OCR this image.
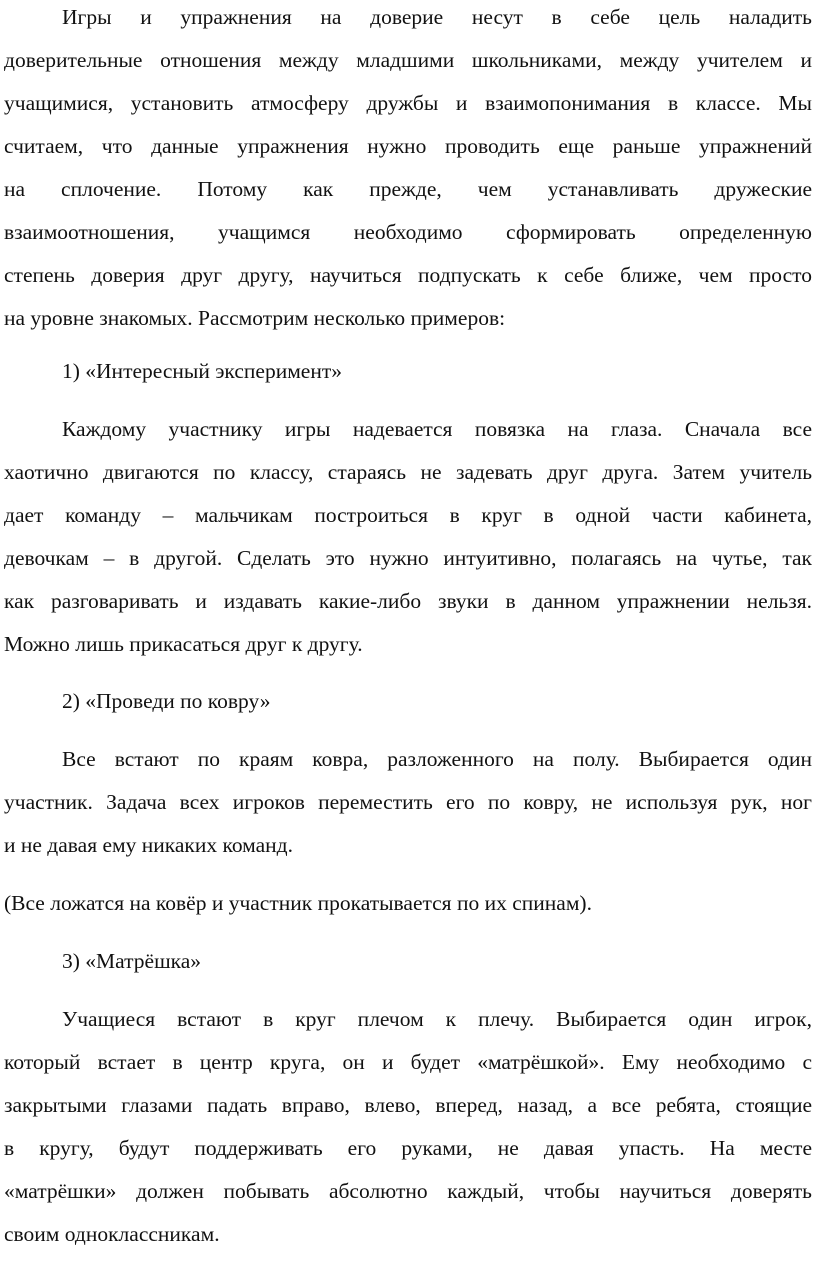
Игры и упражнения на доверие несут в себе цель наладить
доверительные отношения между младшими школьниками, между учителем и
учащимися, установить атмосферу дружбы и взаимопонимания в классе. Мы
считаем, что данные упражнения нужно проводить еще раньше упражнений
на сплочение. Потому как прежде, чем устанавливать дружеские
взаимоотношения, учащимся необходимо сформировать определенную
степень доверия друг другу, научиться подпускать к себе ближе, чем просто
на уровне знакомых. Рассмотрим несколько примеров:
1) «Интересный эксперимент»
Каждому участнику игры надевается повязка на глаза. Сначала все
хаотично двигаются по классу, стараясь не задевать друг друга. Затем учитель
дает команду – мальчикам построиться в круг в одной части кабинета,
девочкам – в другой. Сделать это нужно интуитивно, полагаясь на чутье, так
как разговаривать и издавать какие-либо звуки в данном упражнении нельзя.
Можно лишь прикасаться друг к другу.
2) «Проведи по ковру»
Все встают по краям ковра, разложенного на полу. Выбирается один
участник. Задача всех игроков переместить его по ковру, не используя рук, ног
и не давая ему никаких команд.
(Все ложатся на ковёр и участник прокатывается по их спинам).
3) «Матрёшка»
Учащиеся встают в круг плечом к плечу. Выбирается один игрок,
который встает в центр круга, он и будет «матрёшкой». Ему необходимо с
закрытыми глазами падать вправо, влево, вперед, назад, а все ребята, стоящие
в кругу, будут поддерживать его руками, не давая упасть. На месте
«матрёшки» должен побывать абсолютно каждый, чтобы научиться доверять
своим одноклассникам.
